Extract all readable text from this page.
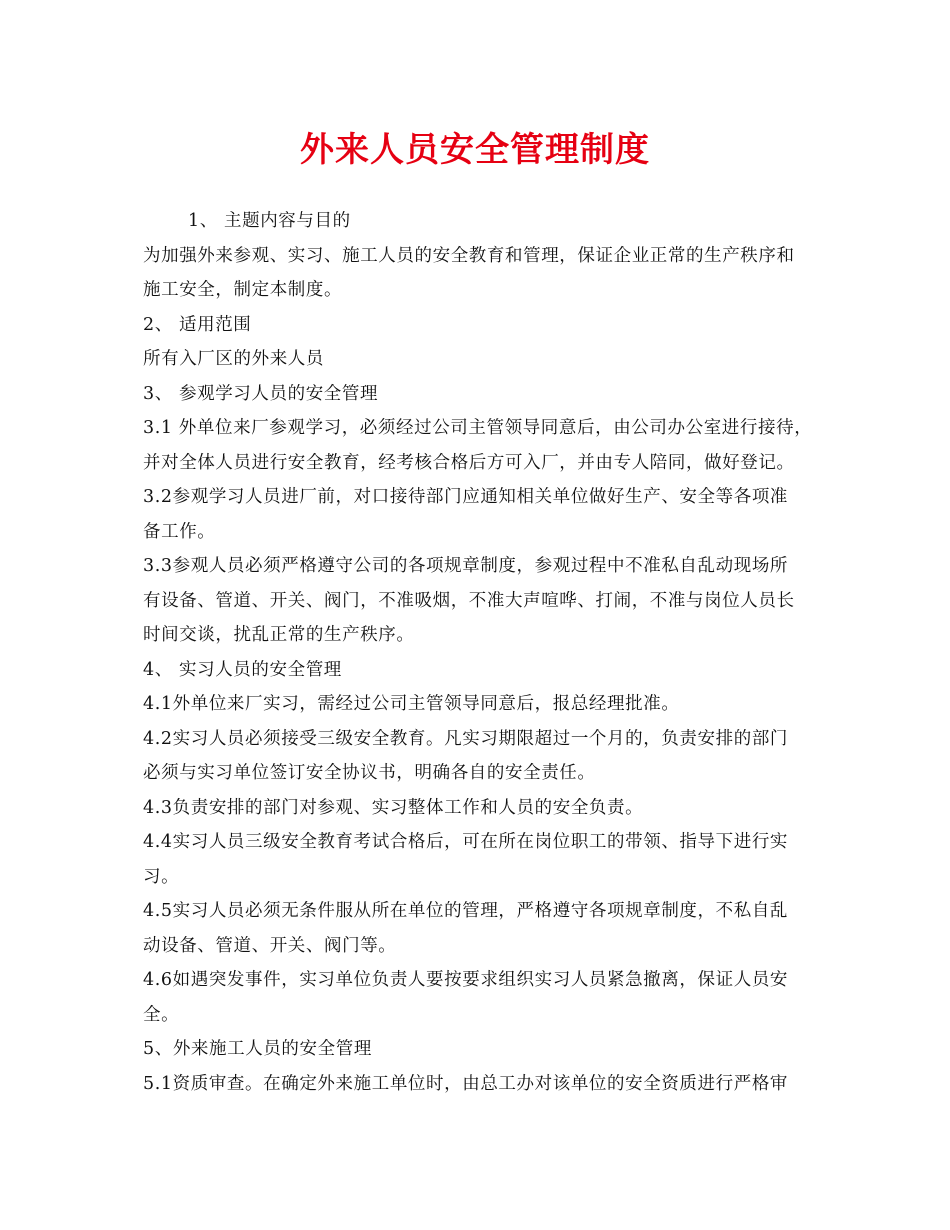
外来人员安全管理制度
1、 主题内容与目的
为加强外来参观、实习、施工人员的安全教育和管理，保证企业正常的生产秩序和
施工安全，制定本制度。
2、 适用范围
所有入厂区的外来人员
3、 参观学习人员的安全管理
3.1 外单位来厂参观学习，必须经过公司主管领导同意后，由公司办公室进行接待，
并对全体人员进行安全教育，经考核合格后方可入厂，并由专人陪同，做好登记。
3.2参观学习人员进厂前，对口接待部门应通知相关单位做好生产、安全等各项准
备工作。
3.3参观人员必须严格遵守公司的各项规章制度，参观过程中不准私自乱动现场所
有设备、管道、开关、阀门，不准吸烟，不准大声喧哗、打闹，不准与岗位人员长
时间交谈，扰乱正常的生产秩序。
4、 实习人员的安全管理
4.1外单位来厂实习，需经过公司主管领导同意后，报总经理批准。
4.2实习人员必须接受三级安全教育。凡实习期限超过一个月的，负责安排的部门
必须与实习单位签订安全协议书，明确各自的安全责任。
4.3负责安排的部门对参观、实习整体工作和人员的安全负责。
4.4实习人员三级安全教育考试合格后，可在所在岗位职工的带领、指导下进行实
习。
4.5实习人员必须无条件服从所在单位的管理，严格遵守各项规章制度，不私自乱
动设备、管道、开关、阀门等。
4.6如遇突发事件，实习单位负责人要按要求组织实习人员紧急撤离，保证人员安
全。
5、外来施工人员的安全管理
5.1资质审查。在确定外来施工单位时，由总工办对该单位的安全资质进行严格审
